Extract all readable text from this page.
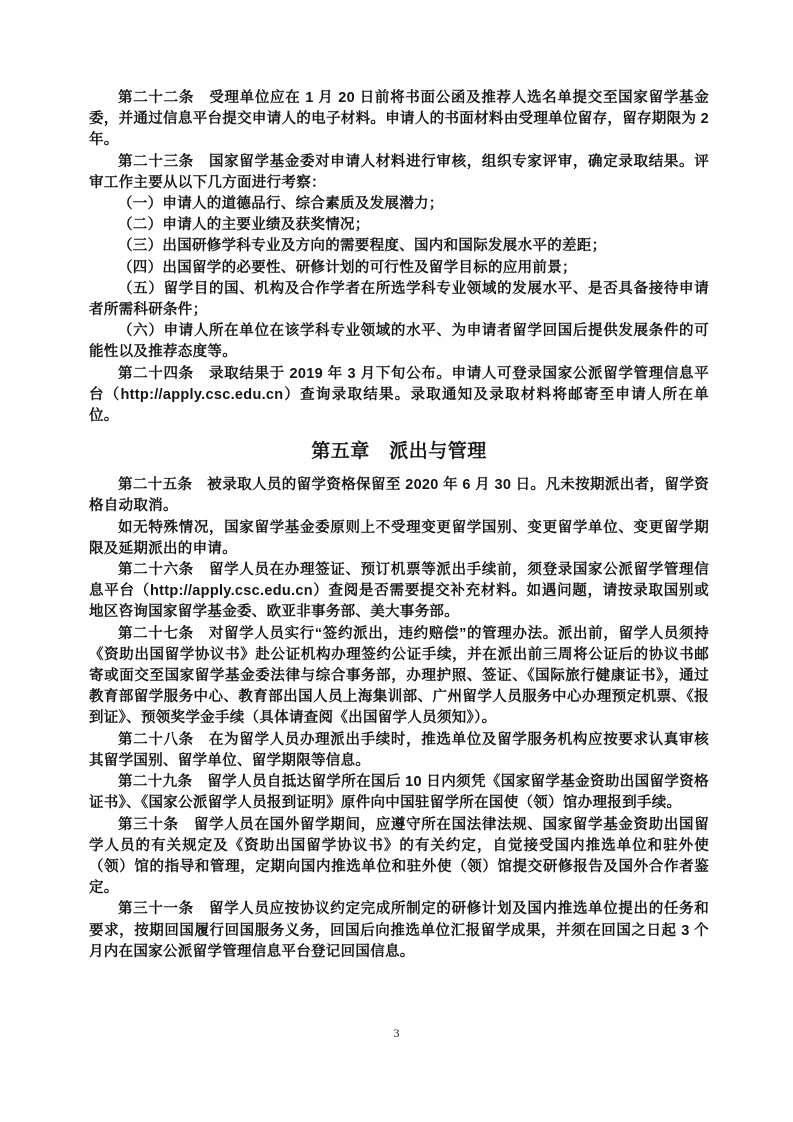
第二十二条　受理单位应在 1 月 20 日前将书面公函及推荐人选名单提交至国家留学基金委，并通过信息平台提交申请人的电子材料。申请人的书面材料由受理单位留存，留存期限为 2 年。

第二十三条　国家留学基金委对申请人材料进行审核，组织专家评审，确定录取结果。评审工作主要从以下几方面进行考察：

（一）申请人的道德品行、综合素质及发展潜力；

（二）申请人的主要业绩及获奖情况；

（三）出国研修学科专业及方向的需要程度、国内和国际发展水平的差距；

（四）出国留学的必要性、研修计划的可行性及留学目标的应用前景；

（五）留学目的国、机构及合作学者在所选学科专业领域的发展水平、是否具备接待申请者所需科研条件；

（六）申请人所在单位在该学科专业领域的水平、为申请者留学回国后提供发展条件的可能性以及推荐态度等。

第二十四条　录取结果于 2019 年 3 月下旬公布。申请人可登录国家公派留学管理信息平台（http://apply.csc.edu.cn）查询录取结果。录取通知及录取材料将邮寄至申请人所在单位。

第五章　派出与管理

第二十五条　被录取人员的留学资格保留至 2020 年 6 月 30 日。凡未按期派出者，留学资格自动取消。

如无特殊情况，国家留学基金委原则上不受理变更留学国别、变更留学单位、变更留学期限及延期派出的申请。

第二十六条　留学人员在办理签证、预订机票等派出手续前，须登录国家公派留学管理信息平台（http://apply.csc.edu.cn）查阅是否需要提交补充材料。如遇问题，请按录取国别或地区咨询国家留学基金委、欧亚非事务部、美大事务部。

第二十七条　对留学人员实行“签约派出，违约赔偿”的管理办法。派出前，留学人员须持《资助出国留学协议书》赴公证机构办理签约公证手续，并在派出前三周将公证后的协议书邮寄或面交至国家留学基金委法律与综合事务部，办理护照、签证、《国际旅行健康证书》，通过教育部留学服务中心、教育部出国人员上海集训部、广州留学人员服务中心办理预定机票、《报到证》、预领奖学金手续（具体请查阅《出国留学人员须知》）。

第二十八条　在为留学人员办理派出手续时，推选单位及留学服务机构应按要求认真审核其留学国别、留学单位、留学期限等信息。

第二十九条　留学人员自抵达留学所在国后 10 日内须凭《国家留学基金资助出国留学资格证书》、《国家公派留学人员报到证明》原件向中国驻留学所在国使（领）馆办理报到手续。

第三十条　留学人员在国外留学期间，应遵守所在国法律法规、国家留学基金资助出国留学人员的有关规定及《资助出国留学协议书》的有关约定，自觉接受国内推选单位和驻外使（领）馆的指导和管理，定期向国内推选单位和驻外使（领）馆提交研修报告及国外合作者鉴定。

第三十一条　留学人员应按协议约定完成所制定的研修计划及国内推选单位提出的任务和要求，按期回国履行回国服务义务，回国后向推选单位汇报留学成果，并须在回国之日起 3 个月内在国家公派留学管理信息平台登记回国信息。

3
